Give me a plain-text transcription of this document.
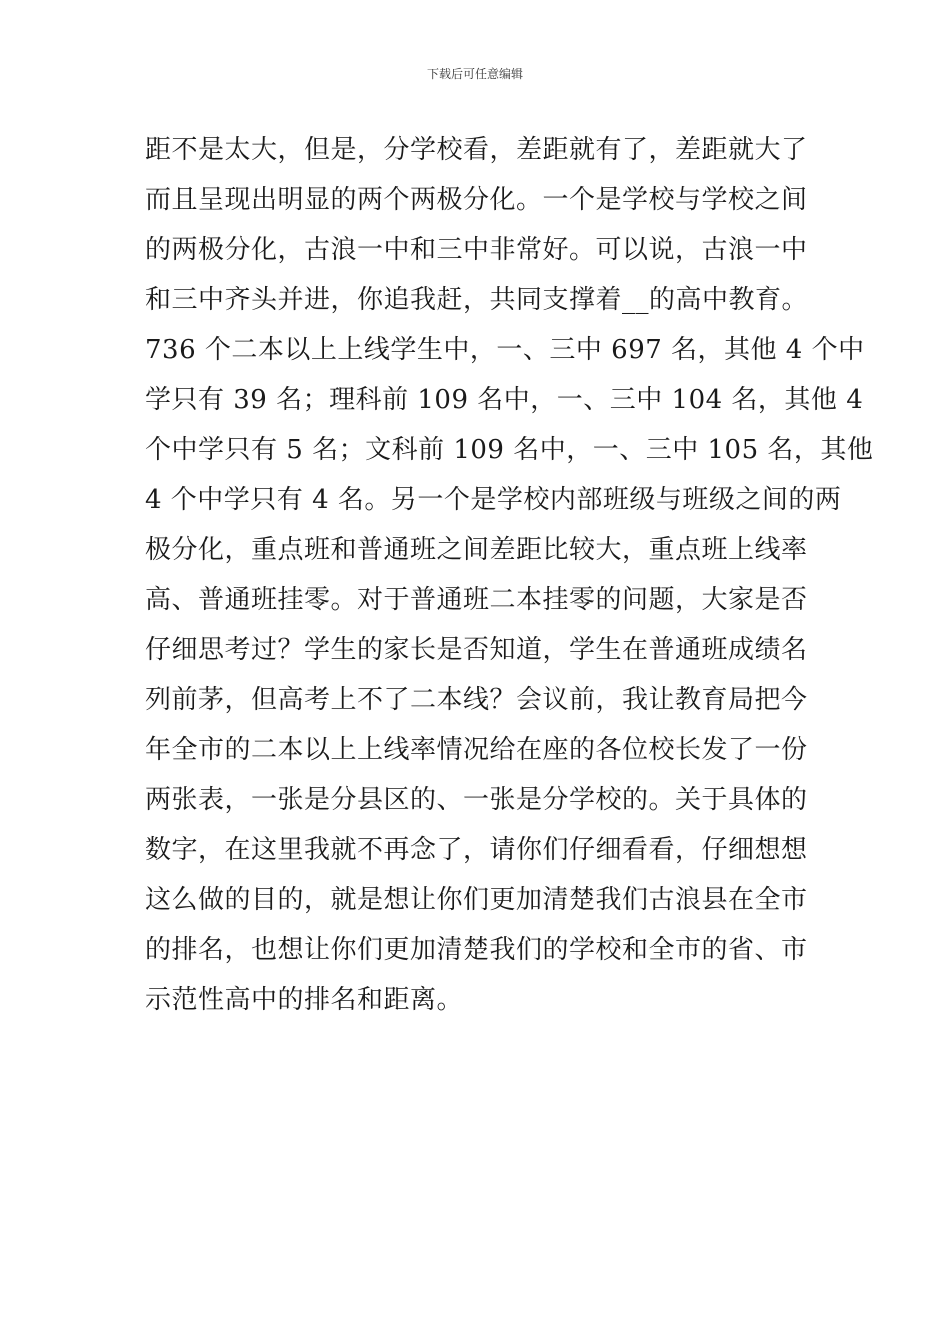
下载后可任意编辑
距不是太大，但是，分学校看，差距就有了，差距就大了
而且呈现出明显的两个两极分化。一个是学校与学校之间
的两极分化，古浪一中和三中非常好。可以说，古浪一中
和三中齐头并进，你追我赶，共同支撑着__的高中教育。
736 个二本以上上线学生中，一、三中 697 名，其他 4 个中
学只有 39 名；理科前 109 名中，一、三中 104 名，其他 4
个中学只有 5 名；文科前 109 名中，一、三中 105 名，其他
4 个中学只有 4 名。另一个是学校内部班级与班级之间的两
极分化，重点班和普通班之间差距比较大，重点班上线率
高、普通班挂零。对于普通班二本挂零的问题，大家是否
仔细思考过？学生的家长是否知道，学生在普通班成绩名
列前茅，但高考上不了二本线？会议前，我让教育局把今
年全市的二本以上上线率情况给在座的各位校长发了一份
两张表，一张是分县区的、一张是分学校的。关于具体的
数字，在这里我就不再念了，请你们仔细看看，仔细想想
这么做的目的，就是想让你们更加清楚我们古浪县在全市
的排名，也想让你们更加清楚我们的学校和全市的省、市
示范性高中的排名和距离。
